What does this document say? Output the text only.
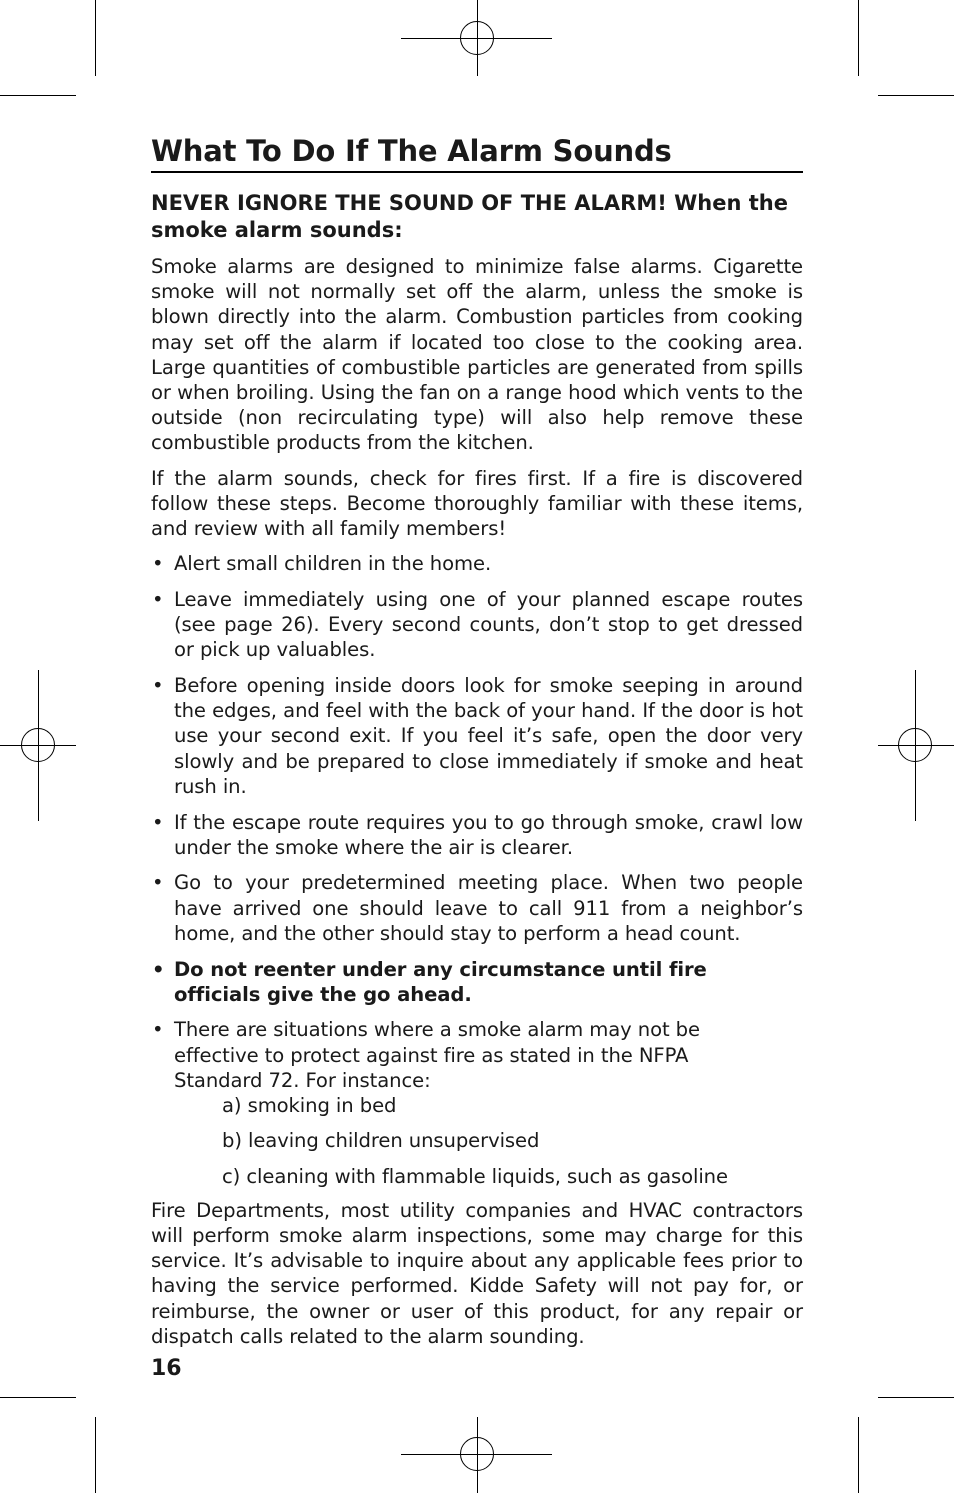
What To Do If The Alarm Sounds
NEVER IGNORE THE SOUND OF THE ALARM! When the smoke alarm sounds:

Smoke alarms are designed to minimize false alarms. Cigarette smoke will not normally set off the alarm, unless the smoke is blown directly into the alarm. Combustion particles from cooking may set off the alarm if located too close to the cooking area. Large quantities of combustible particles are generated from spills or when broiling. Using the fan on a range hood which vents to the outside (non recirculating type) will also help remove these combustible products from the kitchen.

If the alarm sounds, check for fires first. If a fire is discovered follow these steps. Become thoroughly familiar with these items, and review with all family members!

• Alert small children in the home.
• Leave immediately using one of your planned escape routes (see page 26). Every second counts, don’t stop to get dressed or pick up valuables.
• Before opening inside doors look for smoke seeping in around the edges, and feel with the back of your hand. If the door is hot use your second exit. If you feel it’s safe, open the door very slowly and be prepared to close immediately if smoke and heat rush in.
• If the escape route requires you to go through smoke, crawl low under the smoke where the air is clearer.
• Go to your predetermined meeting place. When two people have arrived one should leave to call 911 from a neighbor’s home, and the other should stay to perform a head count.
• Do not reenter under any circumstance until fire officials give the go ahead.
• There are situations where a smoke alarm may not be effective to protect against fire as stated in the NFPA Standard 72. For instance:
a) smoking in bed
b) leaving children unsupervised
c) cleaning with flammable liquids, such as gasoline

Fire Departments, most utility companies and HVAC contractors will perform smoke alarm inspections, some may charge for this service. It’s advisable to inquire about any applicable fees prior to having the service performed. Kidde Safety will not pay for, or reimburse, the owner or user of this product, for any repair or dispatch calls related to the alarm sounding.

16
